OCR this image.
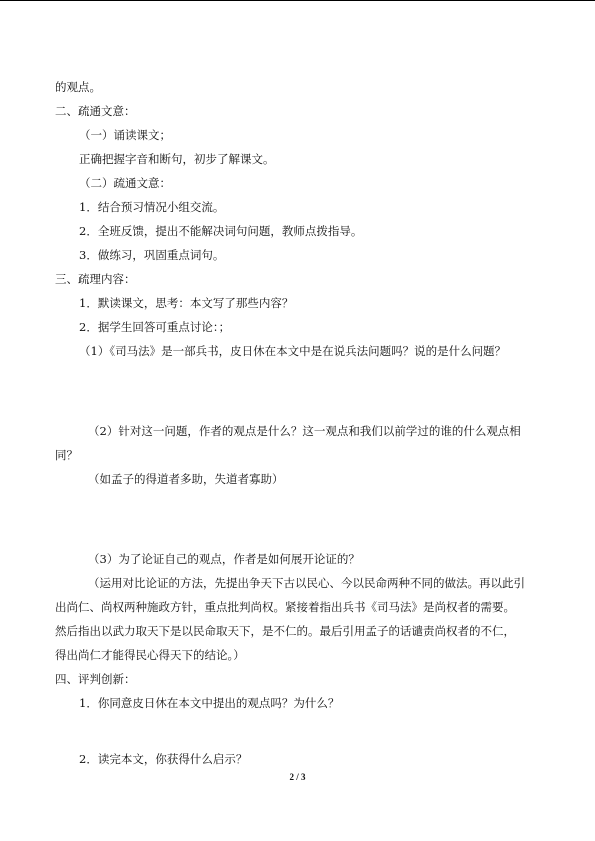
的观点。
二、疏通文意：
（一）诵读课文；
正确把握字音和断句，初步了解课文。
（二）疏通文意：
1．结合预习情况小组交流。
2．全班反馈，提出不能解决词句问题，教师点拨指导。
3．做练习，巩固重点词句。
三、疏理内容：
1．默读课文，思考：本文写了那些内容？
2．据学生回答可重点讨论：；
（1）《司马法》是一部兵书，皮日休在本文中是在说兵法问题吗？说的是什么问题？
（2）针对这一问题，作者的观点是什么？这一观点和我们以前学过的谁的什么观点相
同？
（如孟子的得道者多助，失道者寡助）
（3）为了论证自己的观点，作者是如何展开论证的？
（运用对比论证的方法，先提出争天下古以民心、今以民命两种不同的做法。再以此引
出尚仁、尚权两种施政方针，重点批判尚权。紧接着指出兵书《司马法》是尚权者的需要。
然后指出以武力取天下是以民命取天下，是不仁的。最后引用孟子的话谴责尚权者的不仁，
得出尚仁才能得民心得天下的结论。）
四、评判创新：
1．你同意皮日休在本文中提出的观点吗？为什么？
2．读完本文，你获得什么启示？
2 / 3
